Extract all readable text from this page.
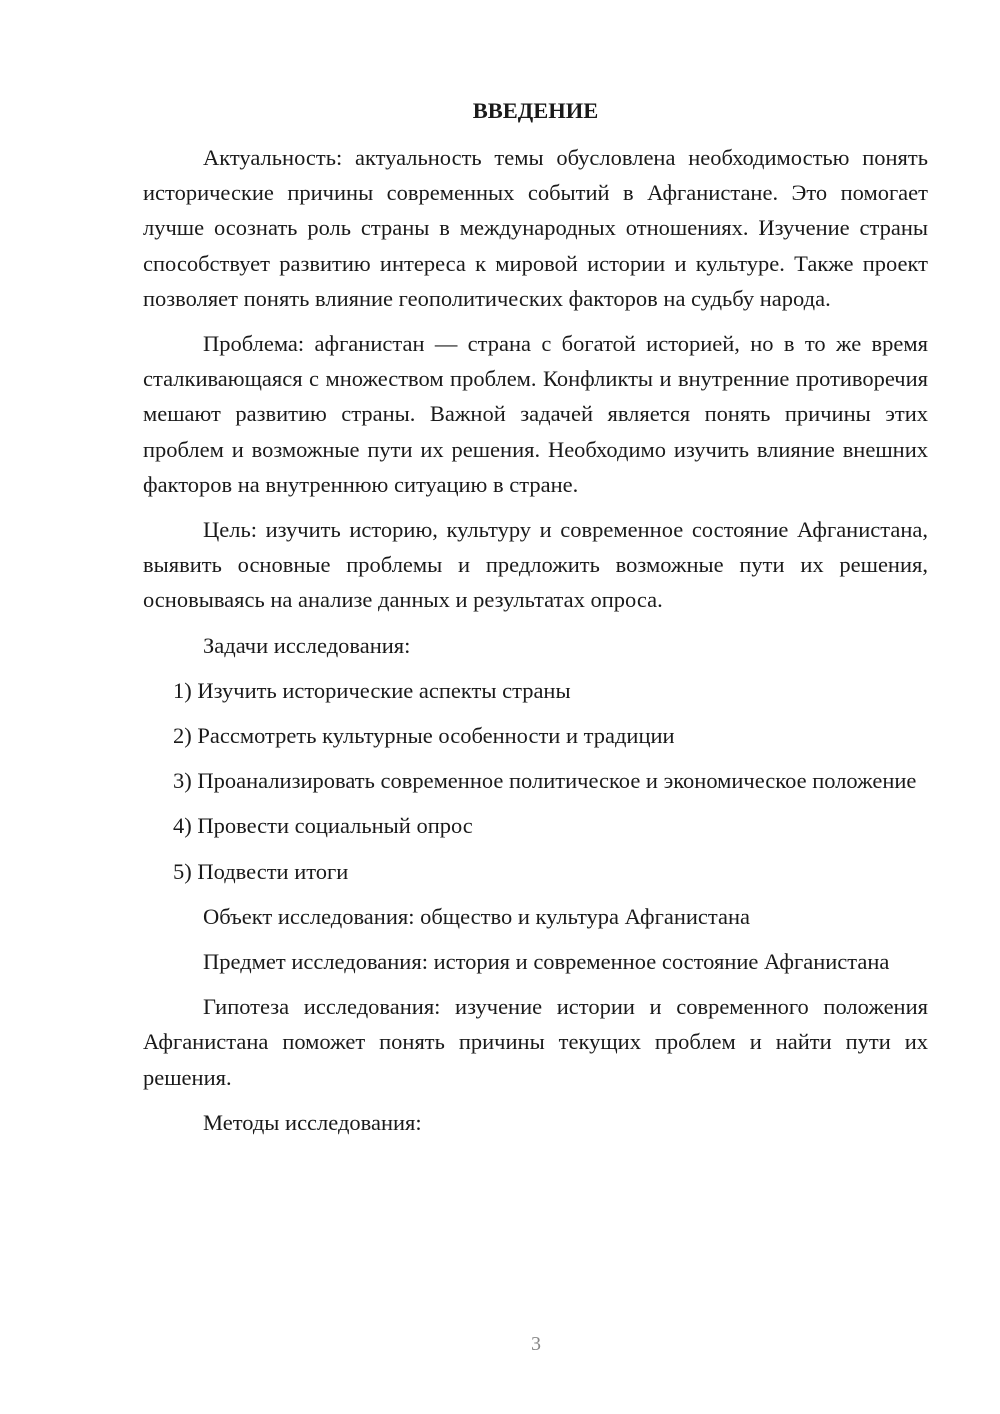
ВВЕДЕНИЕ

Актуальность: актуальность темы обусловлена необходимостью понять исторические причины современных событий в Афганистане. Это помогает лучше осознать роль страны в международных отношениях. Изучение страны способствует развитию интереса к мировой истории и культуре. Также проект позволяет понять влияние геополитических факторов на судьбу народа.

Проблема: афганистан — страна с богатой историей, но в то же время сталкивающаяся с множеством проблем. Конфликты и внутренние противоречия мешают развитию страны. Важной задачей является понять причины этих проблем и возможные пути их решения. Необходимо изучить влияние внешних факторов на внутреннюю ситуацию в стране.

Цель: изучить историю, культуру и современное состояние Афганистана, выявить основные проблемы и предложить возможные пути их решения, основываясь на анализе данных и результатах опроса.

Задачи исследования:

1) Изучить исторические аспекты страны

2) Рассмотреть культурные особенности и традиции

3) Проанализировать современное политическое и экономическое положение

4) Провести социальный опрос

5) Подвести итоги

Объект исследования: общество и культура Афганистана

Предмет исследования: история и современное состояние Афганистана

Гипотеза исследования: изучение истории и современного положения Афганистана поможет понять причины текущих проблем и найти пути их решения.

Методы исследования:

3
